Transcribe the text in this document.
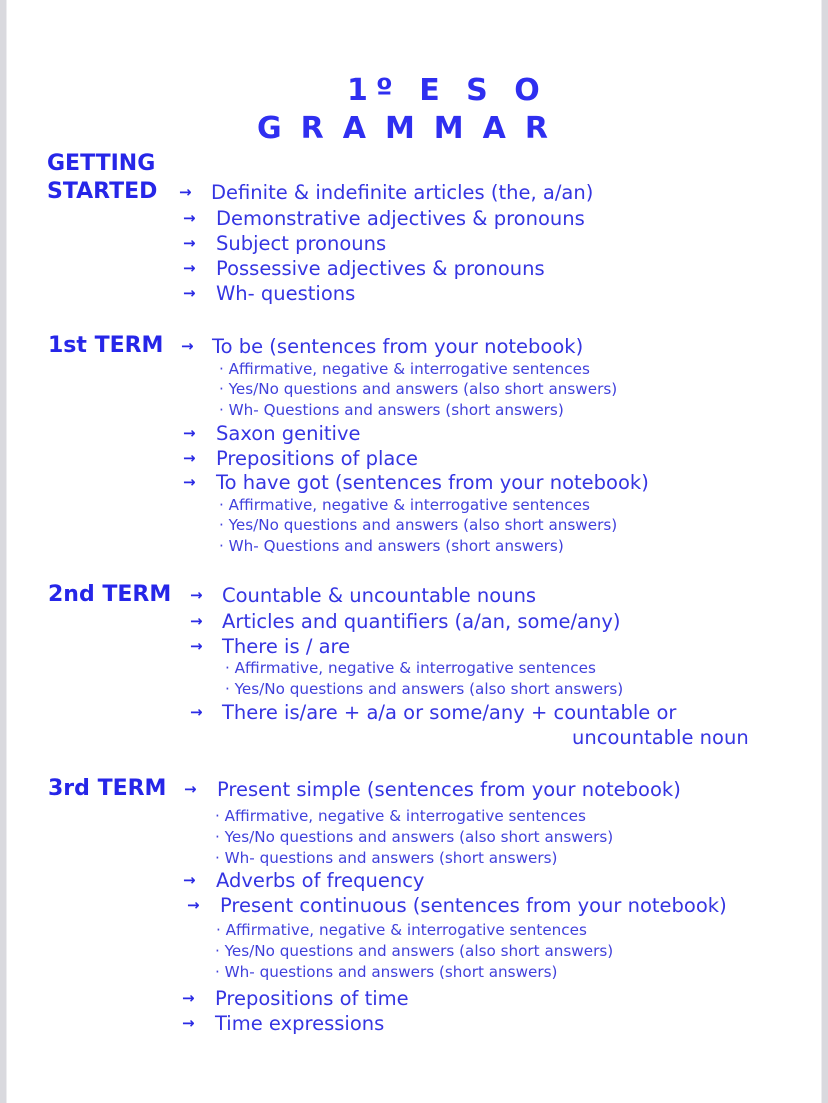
1º E S O
GRAMMAR
GETTING
STARTED → Definite & indefinite articles (the, a/an)
→ Demonstrative adjectives & pronouns
→ Subject pronouns
→ Possessive adjectives & pronouns
→ Wh- questions
1st TERM → To be (sentences from your notebook)
· Affirmative, negative & interrogative sentences
· Yes/No questions and answers (also short answers)
· Wh- Questions and answers (short answers)
→ Saxon genitive
→ Prepositions of place
→ To have got (sentences from your notebook)
· Affirmative, negative & interrogative sentences
· Yes/No questions and answers (also short answers)
· Wh- Questions and answers (short answers)
2nd TERM → Countable & uncountable nouns
→ Articles and quantifiers (a/an, some/any)
→ There is / are
· Affirmative, negative & interrogative sentences
· Yes/No questions and answers (also short answers)
→ There is/are + a/a or some/any + countable or
uncountable noun
3rd TERM → Present simple (sentences from your notebook)
· Affirmative, negative & interrogative sentences
· Yes/No questions and answers (also short answers)
· Wh- questions and answers (short answers)
→ Adverbs of frequency
→ Present continuous (sentences from your notebook)
· Affirmative, negative & interrogative sentences
· Yes/No questions and answers (also short answers)
· Wh- questions and answers (short answers)
→ Prepositions of time
→ Time expressions
